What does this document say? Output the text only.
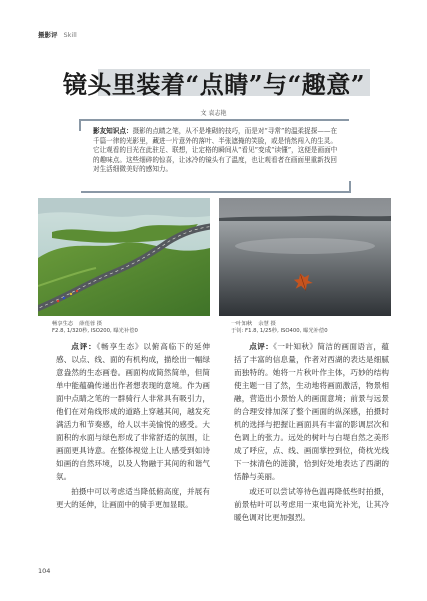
摄影评 Skill
镜头里装着“点睛”与“趣意”
文 袁志艳

影友知识点：摄影的点睛之笔，从不是堆砌的技巧，而是对“寻常”的温柔捉探——在千篇一律的光影里，藏进一片意外的落叶、半张遮掩的笑脸，或是悄然闯入的生灵。它让观看的目光在此驻足、联想，让定格的瞬间从“看见”变成“读懂”，这便是画面中的趣味点。这些细碎的惊喜，让冰冷的镜头有了温度，也让观看者在画面里重新找回对生活细微美好的感知力。

畅享生态 薛莲蓉 摄
F2.8, 1/320秒, ISO200, 曝光补偿0
一叶知秋 余慧 摄
于钊: F1.8, 1/25秒, ISO400, 曝光补偿0

点评：《畅享生态》以俯高临下的延伸感、以点、线、面的有机构成，描绘出一幅绿意盎然的生态画卷。画面构成简然简单，但简单中能蕴确传递出作者想表现的意境。作为画面中点睛之笔的一群骑行人非常具有吸引力，他们在对角线形成的道路上穿越其间，越发充满活力和节奏感，给人以丰美愉悦的感受。大面积的水面与绿色形成了非常舒适的氛围，让画面更具诗意。在整体视觉上让人感受到如诗如画的自然环境，以及人物融于其间的和谐气氛。

拍摄中可以考虑适当降低俯高度，并展有更大的延伸，让画面中的骑手更加显眼。

点评：《一叶知秋》简洁的画面语言，蕴括了丰富的信息量，作者对西湖的表达是细腻而独特的。她将一片秋叶作主体，巧妙的结构使主题一目了然，生动地将画面激活，物景相融，营造出小景怡人的画面意境；前景与远景的合理安排加深了整个画面的纵深感，拍摄时机的选择与把握让画面具有丰富的影调层次和色调上的张力。远处的树叶与白堤自然之美形成了呼应，点、线、画面掌控到位，倚枕光线下一抹清色的涟漪，恰到好处地表达了西湖的恬静与美丽。

或还可以尝试等待色温再降低些时拍摄，前景枯叶可以考虑用一束电筒光补光，让其冷暖色调对比更加强烈。

104
